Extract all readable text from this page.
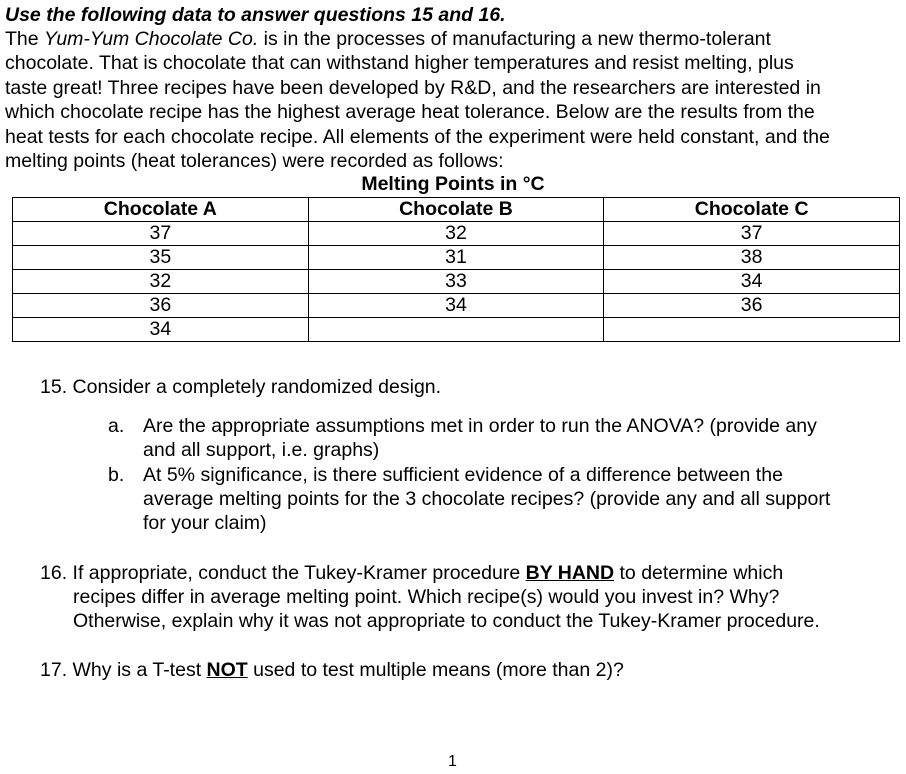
Use the following data to answer questions 15 and 16.

The Yum-Yum Chocolate Co. is in the processes of manufacturing a new thermo-tolerant

chocolate. That is chocolate that can withstand higher temperatures and resist melting, plus

taste great! Three recipes have been developed by R&D, and the researchers are interested in

which chocolate recipe has the highest average heat tolerance. Below are the results from the

heat tests for each chocolate recipe. All elements of the experiment were held constant, and the

melting points (heat tolerances) were recorded as follows:

Melting Points in °C
Chocolate A	Chocolate B	Chocolate C
37	32	37
35	31	38
32	33	34
36	34	36
34		
15. Consider a completely randomized design.
a. Are the appropriate assumptions met in order to run the ANOVA? (provide any
and all support, i.e. graphs)
b. At 5% significance, is there sufficient evidence of a difference between the
average melting points for the 3 chocolate recipes? (provide any and all support
for your claim)
16. If appropriate, conduct the Tukey-Kramer procedure BY HAND to determine which
recipes differ in average melting point. Which recipe(s) would you invest in? Why?
Otherwise, explain why it was not appropriate to conduct the Tukey-Kramer procedure.
17. Why is a T-test NOT used to test multiple means (more than 2)?
1
